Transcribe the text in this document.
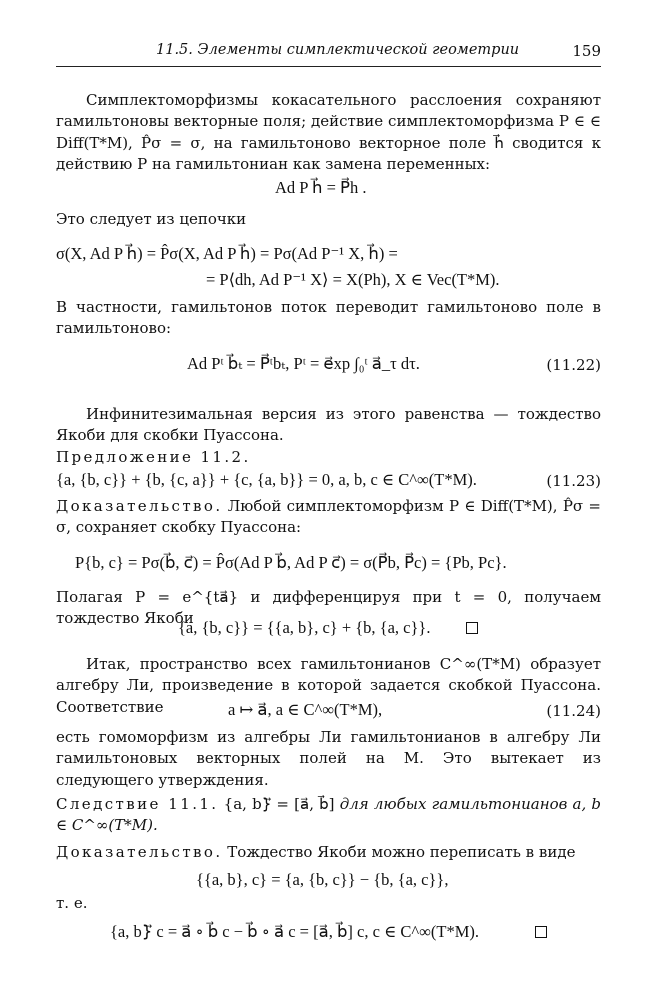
11.5. Элементы симплектической геометрии	159
Симплектоморфизмы кокасательного расслоения сохраняют гамильтоновы векторные поля; действие симплектоморфизма P ∈ ∈ Diff(T*M), P̂σ = σ, на гамильтоново векторное поле h⃗ сводится к действию P на гамильтониан как замена переменных:
Ad P h⃗ = P⃗h .
Это следует из цепочки
σ(X, Ad P h⃗) = P̂σ(X, Ad P h⃗) = Pσ(Ad P⁻¹ X, h⃗) =
= P⟨dh, Ad P⁻¹ X⟩ = X(Ph), X ∈ Vec(T*M).
В частности, гамильтонов поток переводит гамильтоново поле в гамильтоново:
Ad Pᵗ b⃗ₜ = P⃗ᵗbₜ, Pᵗ = e⃗xp ∫₀ᵗ a⃗_τ dτ.	(11.22)
Инфинитезимальная версия из этого равенства — тождество Якоби для скобки Пуассона.
Предложение 11.2.
{a, {b, c}} + {b, {c, a}} + {c, {a, b}} = 0, a, b, c ∈ C^∞(T*M).	(11.23)
Доказательство. Любой симплектоморфизм P ∈ Diff(T*M), P̂σ = σ, сохраняет скобку Пуассона:
P{b, c} = Pσ(b⃗, c⃗) = P̂σ(Ad P b⃗, Ad P c⃗) = σ(P⃗b, P⃗c) = {Pb, Pc}.
Полагая P = e^{ta⃗} и дифференцируя при t = 0, получаем тождество Якоби
{a, {b, c}} = {{a, b}, c} + {b, {a, c}}.
Итак, пространство всех гамильтонианов C^∞(T*M) образует алгебру Ли, произведение в которой задается скобкой Пуассона. Соответствие	a ↦ a⃗, a ∈ C^∞(T*M),	(11.24)
есть гомоморфизм из алгебры Ли гамильтонианов в алгебру Ли гамильтоновых векторных полей на M. Это вытекает из следующего утверждения.
Следствие 11.1. {a, b}⃗ = [a⃗, b⃗] для любых гамильтонианов a, b ∈ C^∞(T*M).
Доказательство. Тождество Якоби можно переписать в виде
{{a, b}, c} = {a, {b, c}} − {b, {a, c}},
т. е.
{a, b}⃗ c = a⃗ ∘ b⃗ c − b⃗ ∘ a⃗ c = [a⃗, b⃗] c, c ∈ C^∞(T*M).
